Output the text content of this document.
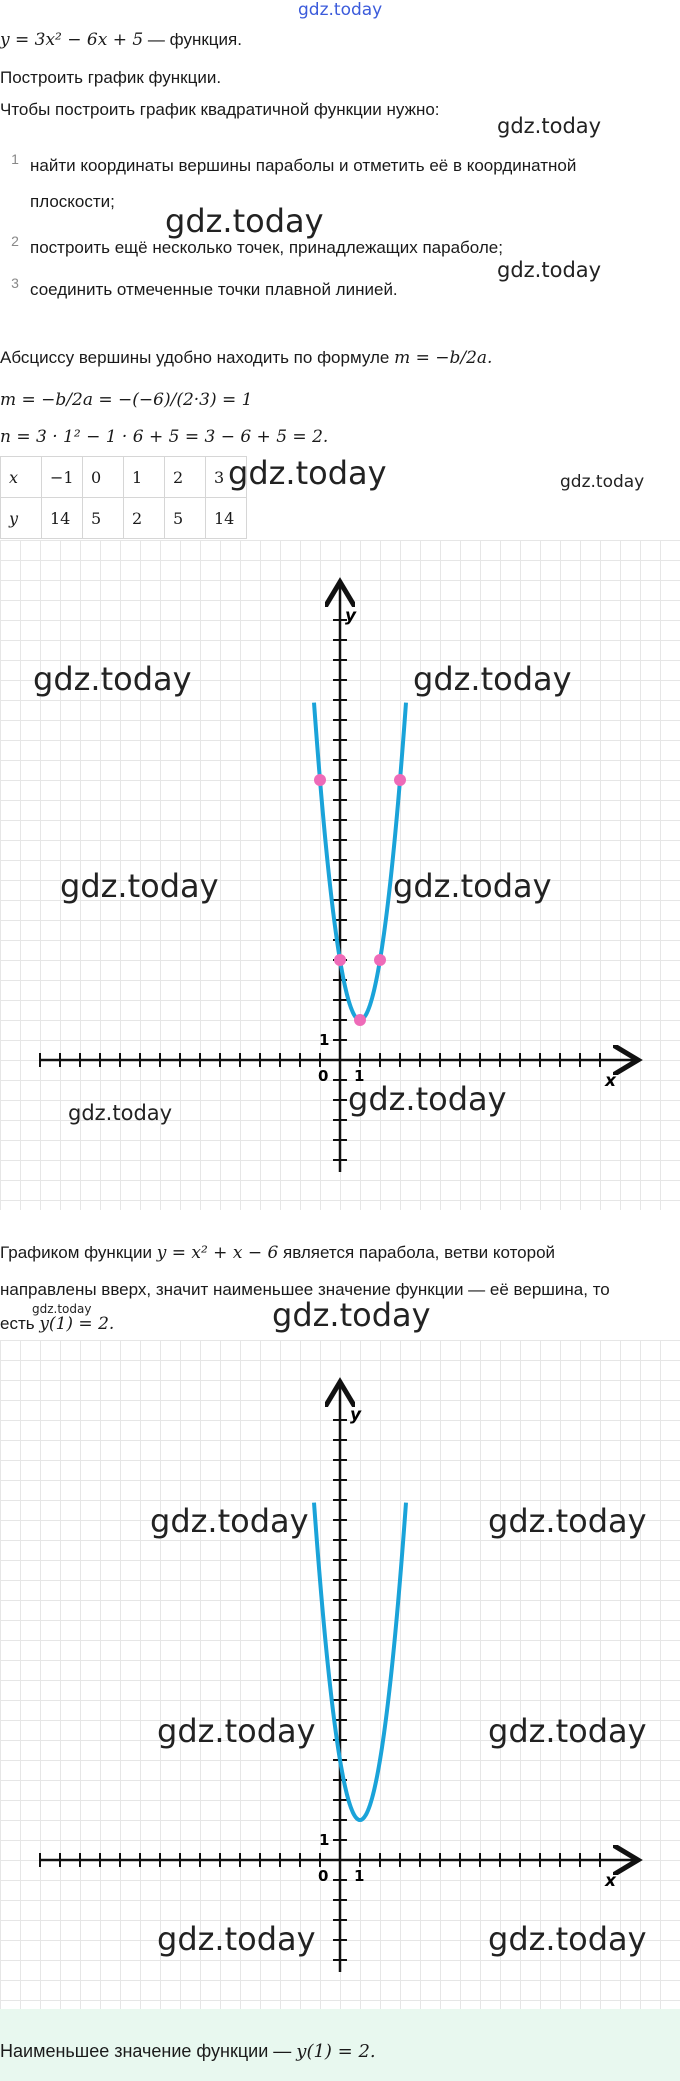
gdz.today
y = 3x² − 6x + 5 — функция.
Построить график функции.
Чтобы построить график квадратичной функции нужно:
gdz.today
1 найти координаты вершины параболы и отметить её в координатной плоскости;
2 построить ещё несколько точек, принадлежащих параболе;
3 соединить отмеченные точки плавной линией.
gdz.today
gdz.today
Абсциссу вершины удобно находить по формуле m = −b/2a.
m = −b/2a = −(−6)/(2·3) = 1
n = 3 · 1² − 1 · 6 + 5 = 3 − 6 + 5 = 2.
x	−1	0	1	2	3
y	14	5	2	5	14
gdz.today	gdz.today
y
x
0 1
1
gdz.today	gdz.today
gdz.today	gdz.today
gdz.today	gdz.today
Графиком функции y = x² + x − 6 является парабола, ветви которой
направлены вверх, значит наименьшее значение функции — её вершина, то
есть y(1) = 2.
gdz.today	gdz.today
y
x
0 1
1
gdz.today	gdz.today
gdz.today	gdz.today
gdz.today	gdz.today
Наименьшее значение функции — y(1) = 2.
